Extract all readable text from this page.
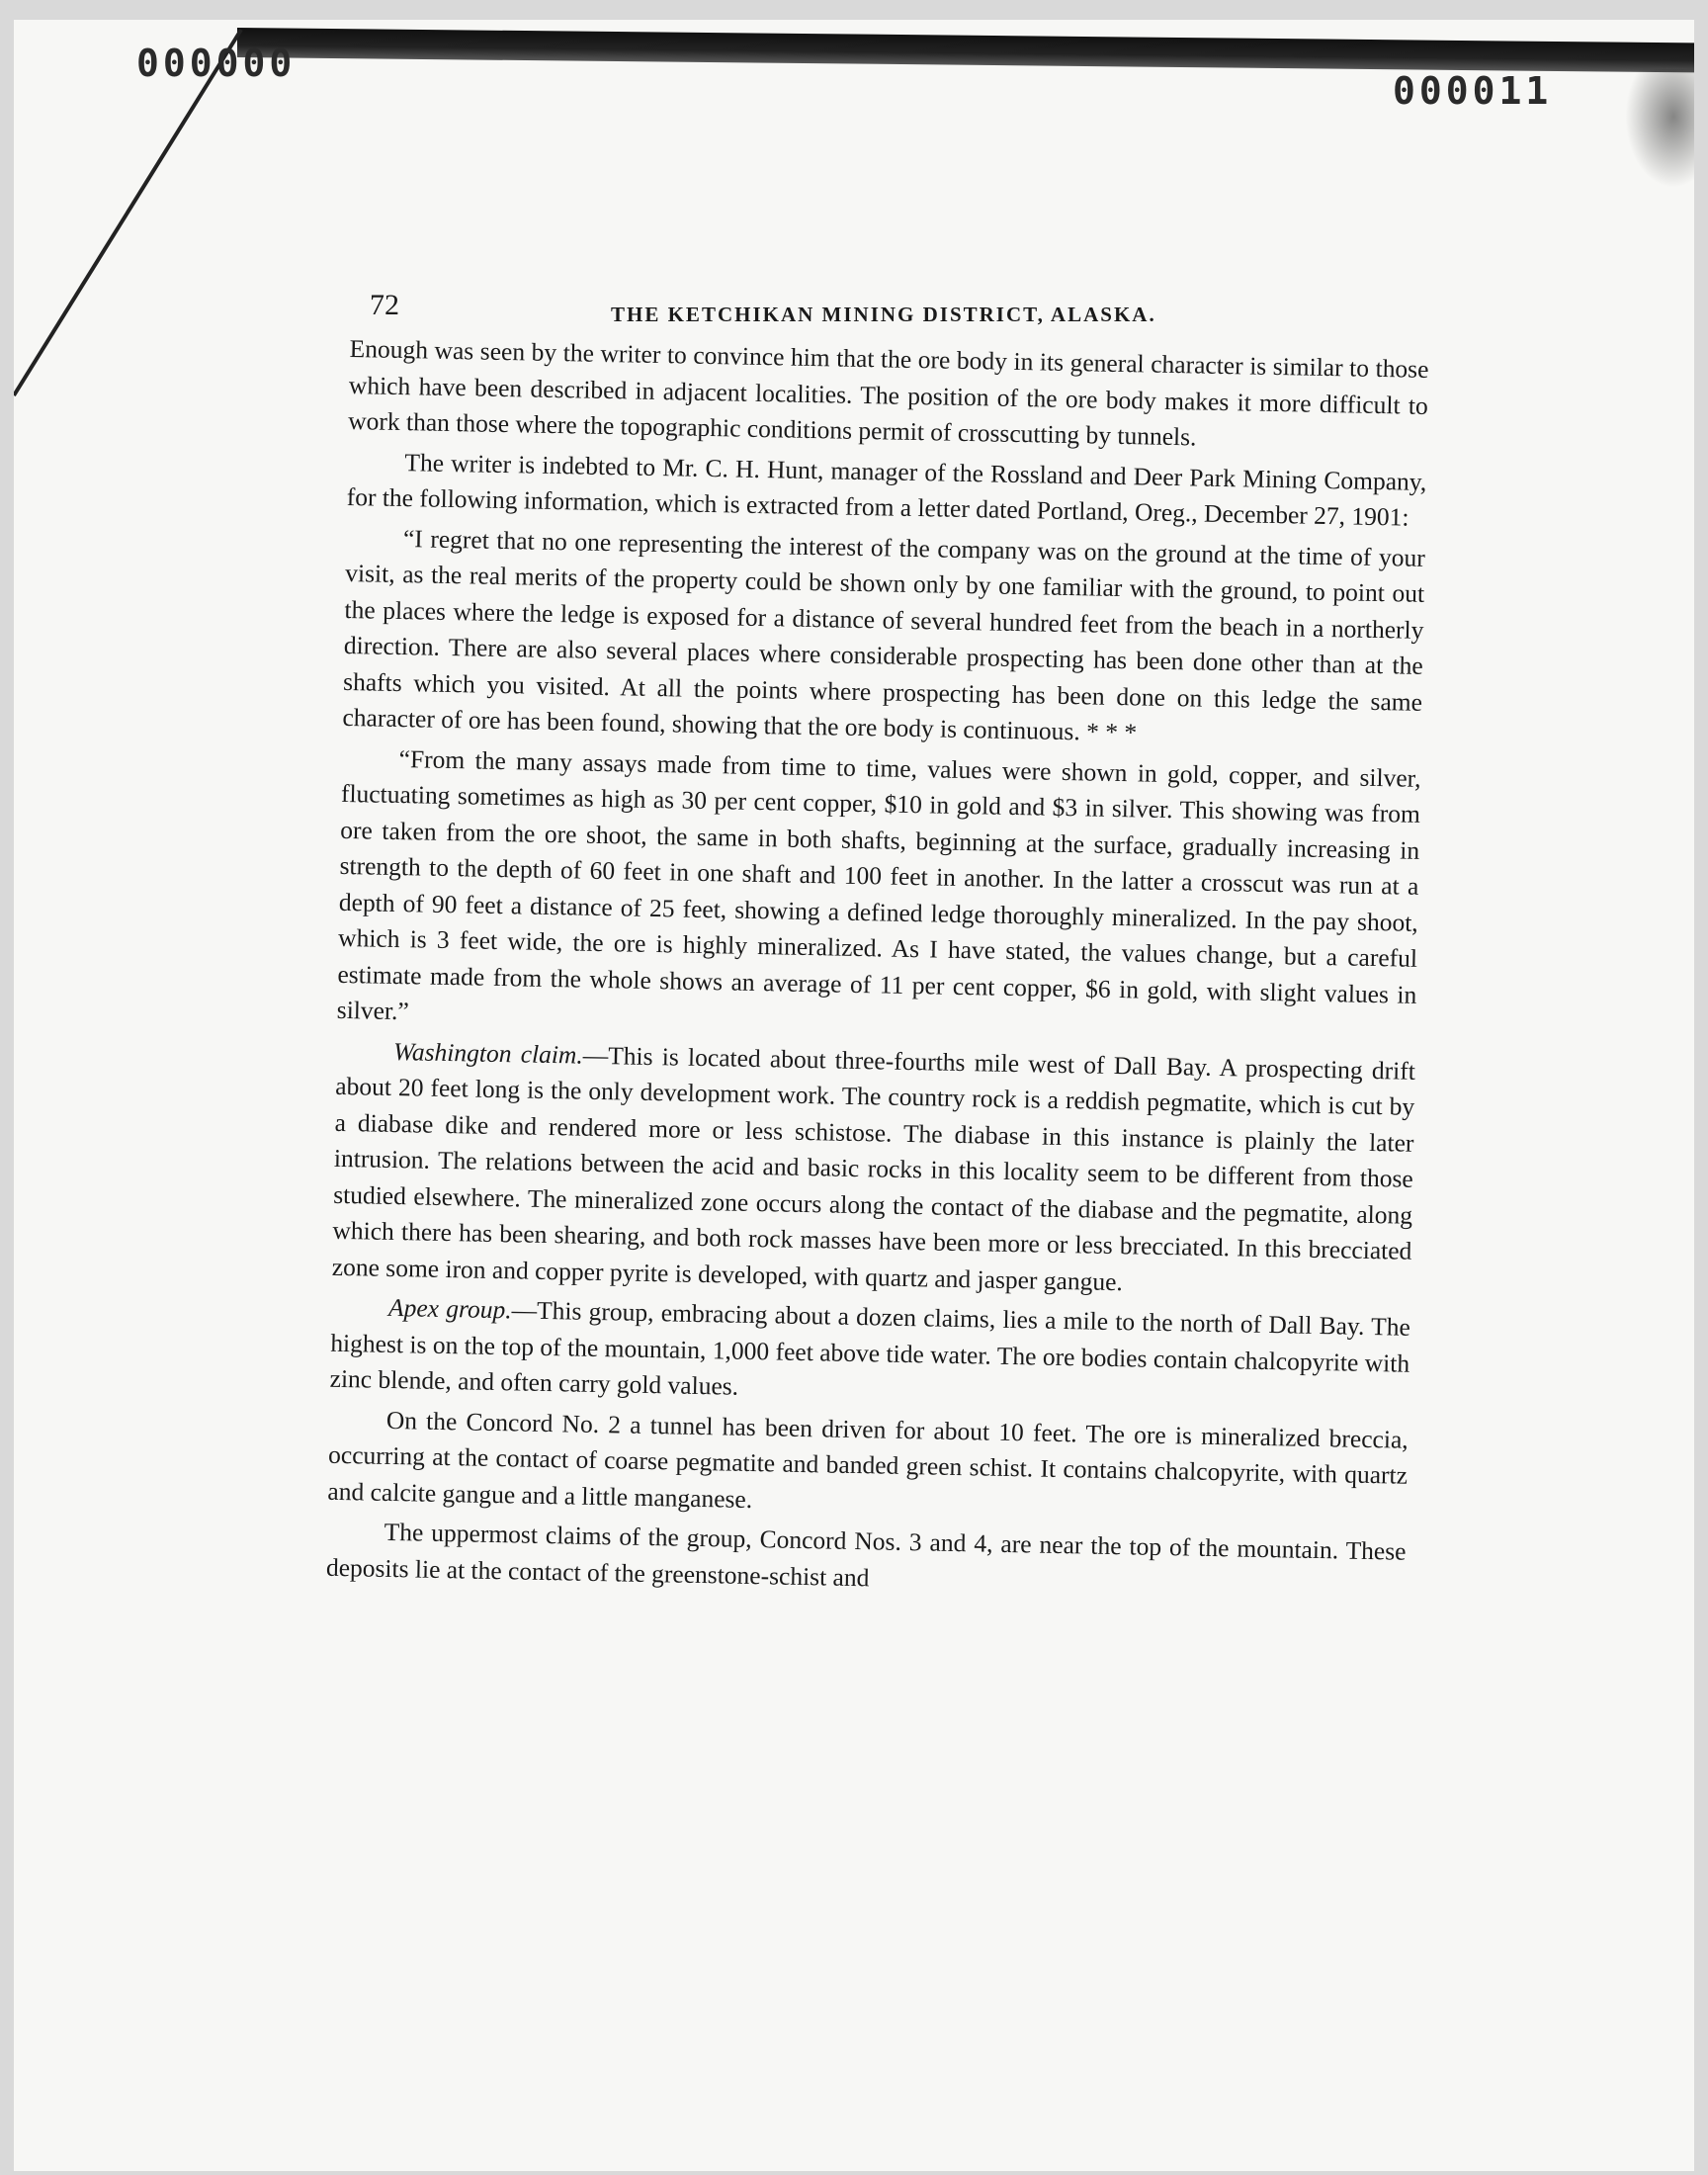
000000
000011
72	THE KETCHIKAN MINING DISTRICT, ALASKA.

Enough was seen by the writer to convince him that the ore body in its general character is similar to those which have been described in adjacent localities. The position of the ore body makes it more difficult to work than those where the topographic conditions permit of crosscutting by tunnels.

The writer is indebted to Mr. C. H. Hunt, manager of the Rossland and Deer Park Mining Company, for the following information, which is extracted from a letter dated Portland, Oreg., December 27, 1901:

“I regret that no one representing the interest of the company was on the ground at the time of your visit, as the real merits of the property could be shown only by one familiar with the ground, to point out the places where the ledge is exposed for a distance of several hundred feet from the beach in a northerly direction. There are also several places where considerable prospecting has been done other than at the shafts which you visited. At all the points where prospecting has been done on this ledge the same character of ore has been found, showing that the ore body is continuous. * * *

“From the many assays made from time to time, values were shown in gold, copper, and silver, fluctuating sometimes as high as 30 per cent copper, $10 in gold and $3 in silver. This showing was from ore taken from the ore shoot, the same in both shafts, beginning at the surface, gradually increasing in strength to the depth of 60 feet in one shaft and 100 feet in another. In the latter a crosscut was run at a depth of 90 feet a distance of 25 feet, showing a defined ledge thoroughly mineralized. In the pay shoot, which is 3 feet wide, the ore is highly mineralized. As I have stated, the values change, but a careful estimate made from the whole shows an average of 11 per cent copper, $6 in gold, with slight values in silver.”

Washington claim.—This is located about three-fourths mile west of Dall Bay. A prospecting drift about 20 feet long is the only development work. The country rock is a reddish pegmatite, which is cut by a diabase dike and rendered more or less schistose. The diabase in this instance is plainly the later intrusion. The relations between the acid and basic rocks in this locality seem to be different from those studied elsewhere. The mineralized zone occurs along the contact of the diabase and the pegmatite, along which there has been shearing, and both rock masses have been more or less brecciated. In this brecciated zone some iron and copper pyrite is developed, with quartz and jasper gangue.

Apex group.—This group, embracing about a dozen claims, lies a mile to the north of Dall Bay. The highest is on the top of the mountain, 1,000 feet above tide water. The ore bodies contain chalcopyrite with zinc blende, and often carry gold values.

On the Concord No. 2 a tunnel has been driven for about 10 feet. The ore is mineralized breccia, occurring at the contact of coarse pegmatite and banded green schist. It contains chalcopyrite, with quartz and calcite gangue and a little manganese.

The uppermost claims of the group, Concord Nos. 3 and 4, are near the top of the mountain. These deposits lie at the contact of the greenstone-schist and
